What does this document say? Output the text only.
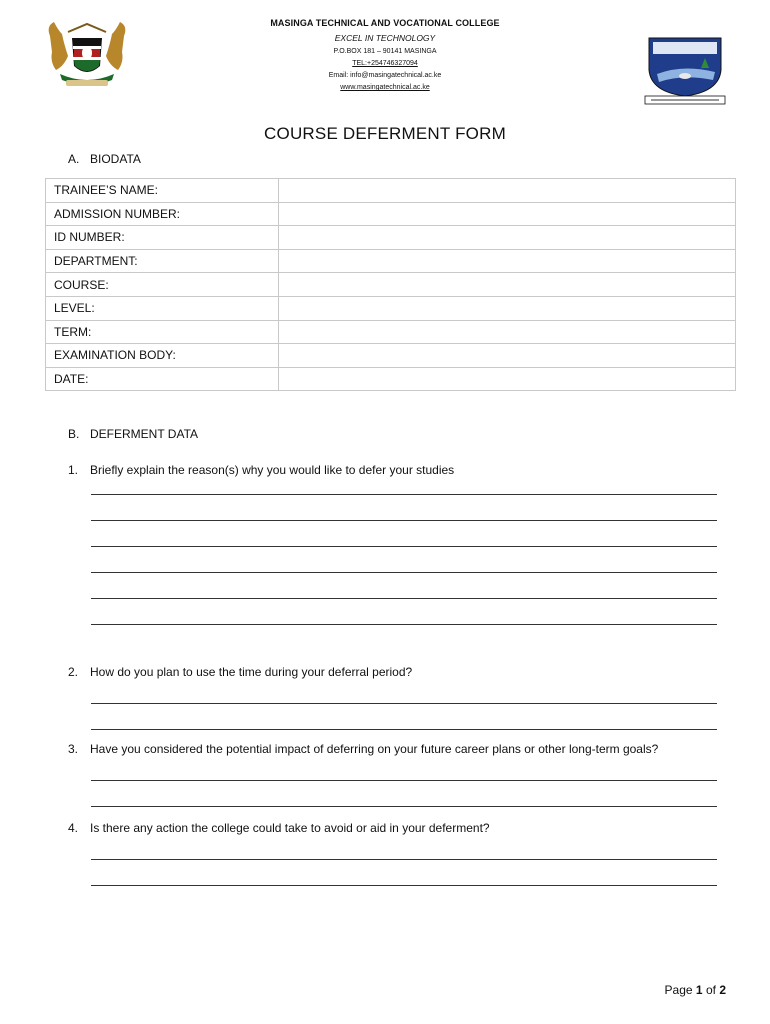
MASINGA TECHNICAL AND VOCATIONAL COLLEGE
EXCEL IN TECHNOLOGY
P.O.BOX 181 – 90141 MASINGA
TEL:+254746327094
Email: info@masingatechnical.ac.ke
www.masingatechnical.ac.ke
COURSE DEFERMENT FORM
A. BIODATA
TRAINEE’S NAME:	
ADMISSION NUMBER:	
ID NUMBER:	
DEPARTMENT:	
COURSE:	
LEVEL:	
TERM:	
EXAMINATION BODY:	
DATE:	
B. DEFERMENT DATA
1. Briefly explain the reason(s) why you would like to defer your studies
2. How do you plan to use the time during your deferral period?
3. Have you considered the potential impact of deferring on your future career plans or other long-term goals?
4. Is there any action the college could take to avoid or aid in your deferment?
Page 1 of 2
